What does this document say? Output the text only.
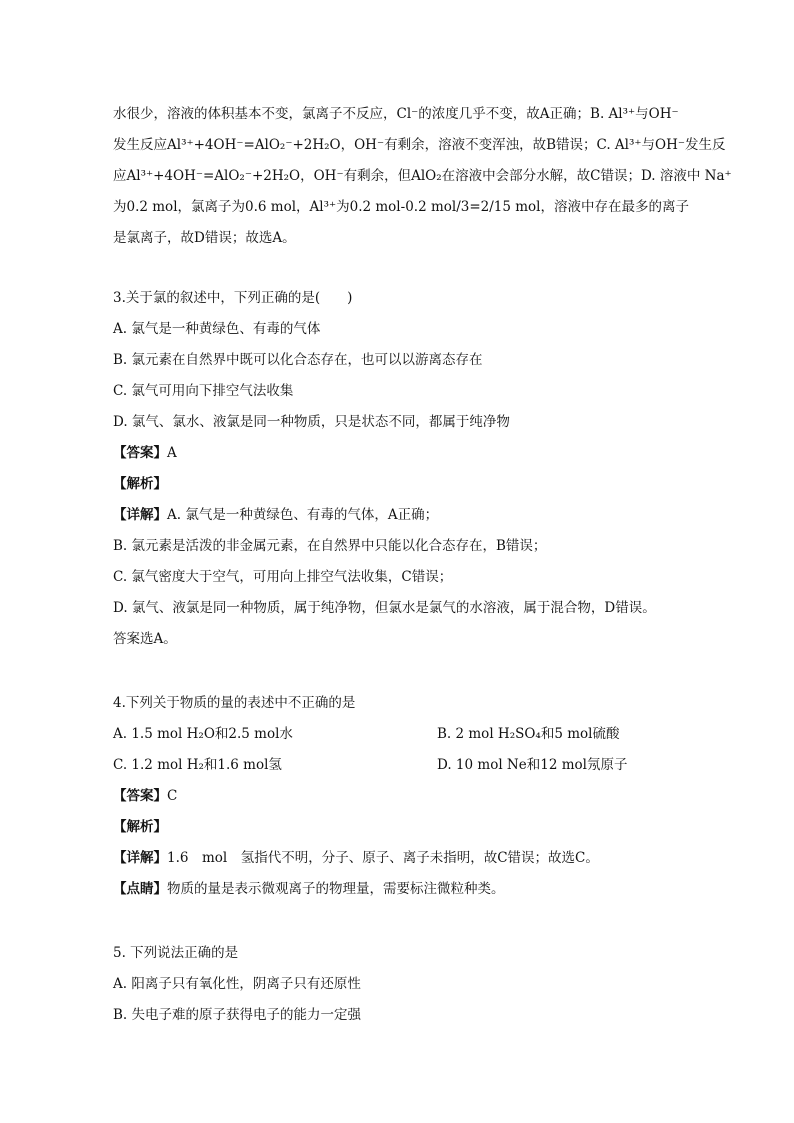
水很少，溶液的体积基本不变，氯离子不反应，Cl⁻的浓度几乎不变，故A正确；B. Al³⁺与OH⁻
发生反应Al³⁺+4OH⁻=AlO₂⁻+2H₂O，OH⁻有剩余，溶液不变浑浊，故B错误；C. Al³⁺与OH⁻发生反
应Al³⁺+4OH⁻=AlO₂⁻+2H₂O，OH⁻有剩余，但AlO₂在溶液中会部分水解，故C错误；D. 溶液中 Na⁺
为0.2 mol，氯离子为0.6 mol，Al³⁺为0.2 mol-0.2 mol/3=2/15 mol，溶液中存在最多的离子
是氯离子，故D错误；故选A。
3.关于氯的叙述中，下列正确的是(　　)
A. 氯气是一种黄绿色、有毒的气体
B. 氯元素在自然界中既可以化合态存在，也可以以游离态存在
C. 氯气可用向下排空气法收集
D. 氯气、氯水、液氯是同一种物质，只是状态不同，都属于纯净物
【答案】A
【解析】
【详解】A. 氯气是一种黄绿色、有毒的气体，A正确；
B. 氯元素是活泼的非金属元素，在自然界中只能以化合态存在，B错误；
C. 氯气密度大于空气，可用向上排空气法收集，C错误；
D. 氯气、液氯是同一种物质，属于纯净物，但氯水是氯气的水溶液，属于混合物，D错误。
答案选A。
4.下列关于物质的量的表述中不正确的是
A. 1.5 mol H₂O和2.5 mol水	B. 2 mol H₂SO₄和5 mol硫酸
C. 1.2 mol H₂和1.6 mol氢	D. 10 mol Ne和12 mol氖原子
【答案】C
【解析】
【详解】1.6　mol　氢指代不明，分子、原子、离子未指明，故C错误；故选C。
【点睛】物质的量是表示微观离子的物理量，需要标注微粒种类。
5. 下列说法正确的是
A. 阳离子只有氧化性，阴离子只有还原性
B. 失电子难的原子获得电子的能力一定强
